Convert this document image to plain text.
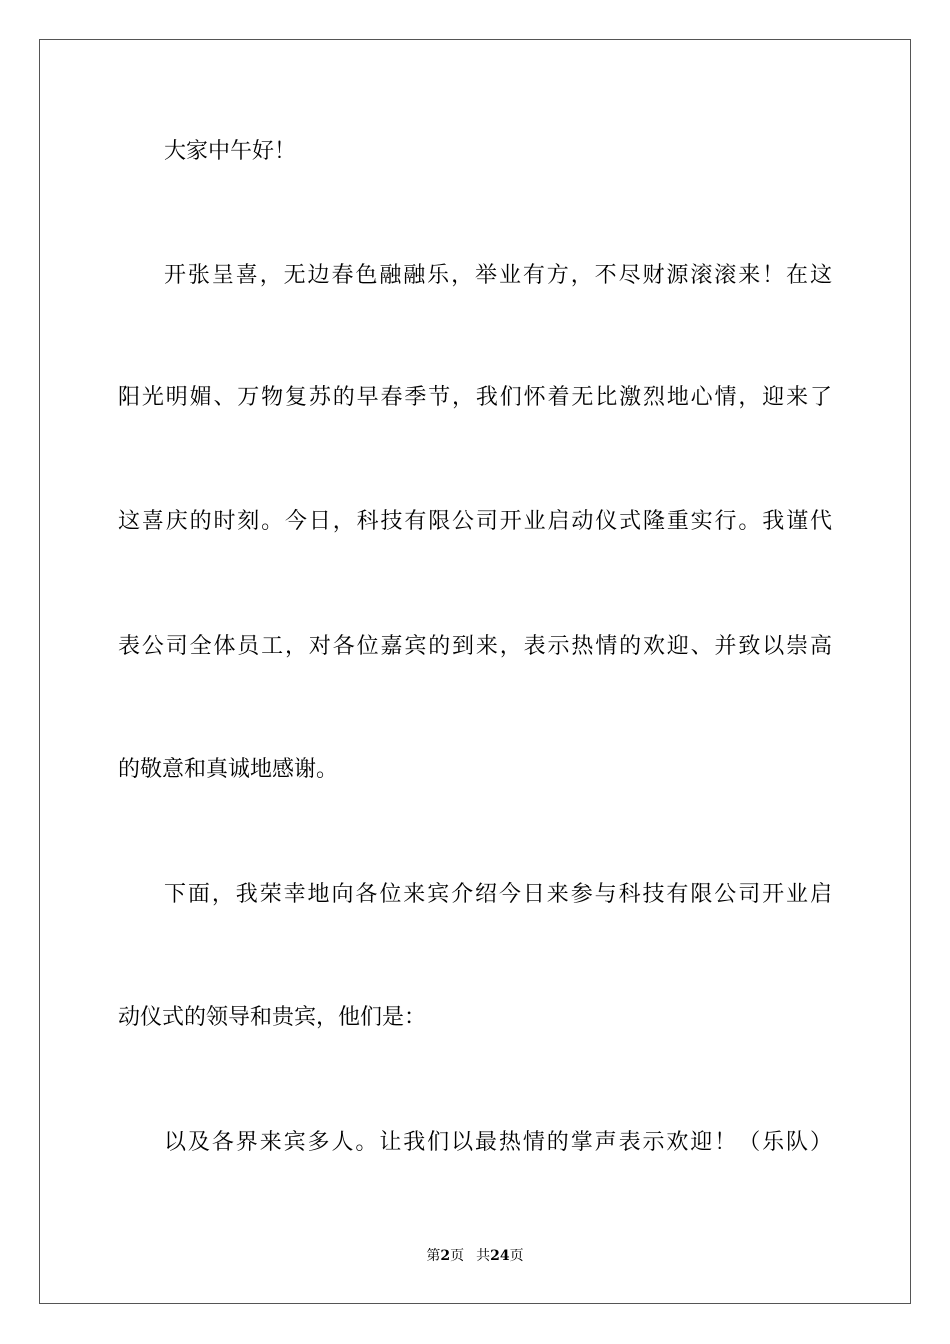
大家中午好！
开张呈喜，无边春色融融乐，举业有方，不尽财源滚滚来！在这
阳光明媚、万物复苏的早春季节，我们怀着无比激烈地心情，迎来了
这喜庆的时刻。今日，科技有限公司开业启动仪式隆重实行。我谨代
表公司全体员工，对各位嘉宾的到来，表示热情的欢迎、并致以崇高
的敬意和真诚地感谢。
下面，我荣幸地向各位来宾介绍今日来参与科技有限公司开业启
动仪式的领导和贵宾，他们是：
以及各界来宾多人。让我们以最热情的掌声表示欢迎！（乐队）
第2页 共24页
